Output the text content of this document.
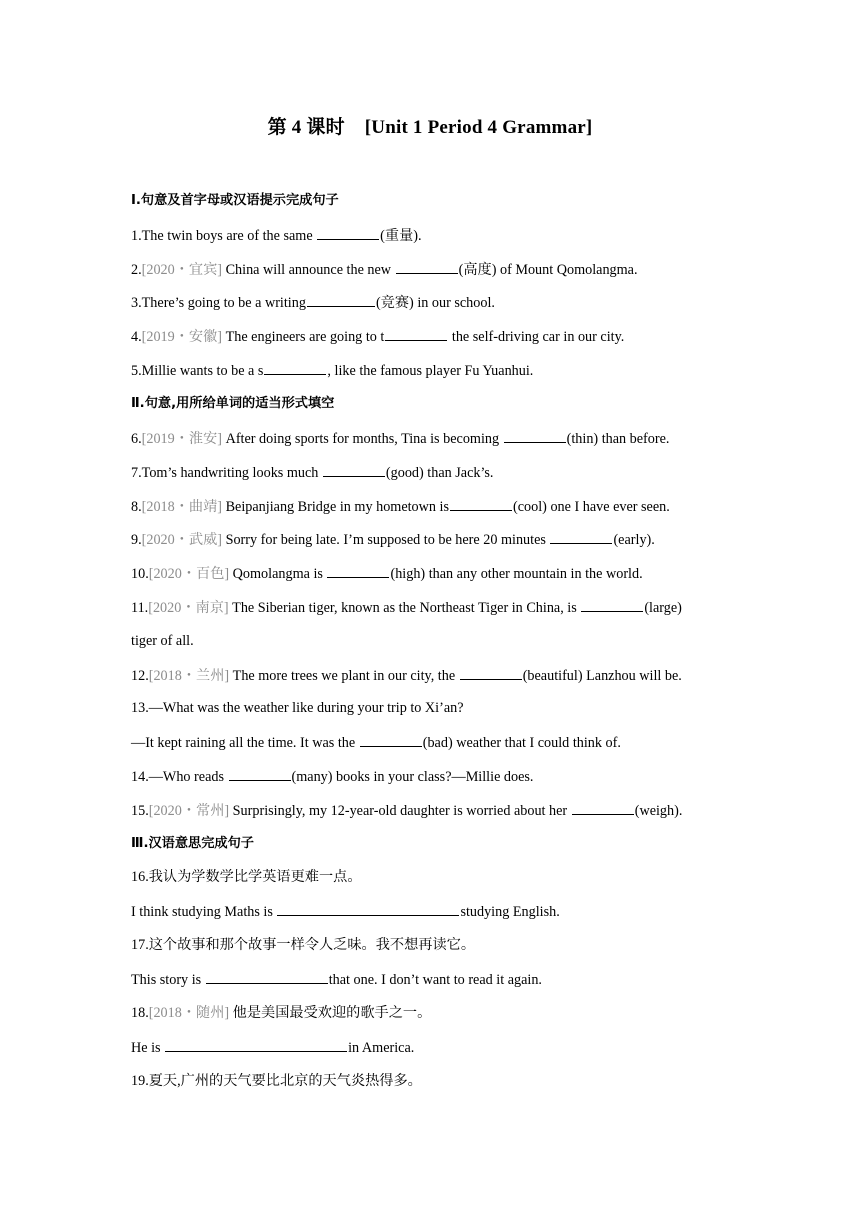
第 4 课时 [Unit 1 Period 4 Grammar]
Ⅰ.句意及首字母或汉语提示完成句子
1.The twin boys are of the same	(重量).
2.[2020・宜宾] China will announce the new	(高度) of Mount Qomolangma.
3.There’s going to be a writing	(竞赛) in our school.
4.[2019・安徽] The engineers are going to t	the self-driving car in our city.
5.Millie wants to be a s	, like the famous player Fu Yuanhui.
Ⅱ.句意,用所给单词的适当形式填空
6.[2019・淮安] After doing sports for months, Tina is becoming	(thin) than before.
7.Tom’s handwriting looks much	(good) than Jack’s.
8.[2018・曲靖] Beipanjiang Bridge in my hometown is	(cool) one I have ever seen.
9.[2020・武威] Sorry for being late. I’m supposed to be here 20 minutes	(early).
10.[2020・百色] Qomolangma is	(high) than any other mountain in the world.
11.[2020・南京] The Siberian tiger, known as the Northeast Tiger in China, is	(large)
tiger of all.
12.[2018・兰州] The more trees we plant in our city, the	(beautiful) Lanzhou will be.
13.—What was the weather like during your trip to Xi’an?
—It kept raining all the time. It was the	(bad) weather that I could think of.
14.—Who reads	(many) books in your class?—Millie does.
15.[2020・常州] Surprisingly, my 12-year-old daughter is worried about her	(weigh).
Ⅲ.汉语意思完成句子
16.我认为学数学比学英语更难一点。
I think studying Maths is	studying English.
17.这个故事和那个故事一样令人乏味。我不想再读它。
This story is	that one. I don’t want to read it again.
18.[2018・随州] 他是美国最受欢迎的歌手之一。
He is	in America.
19.夏天,广州的天气要比北京的天气炎热得多。
